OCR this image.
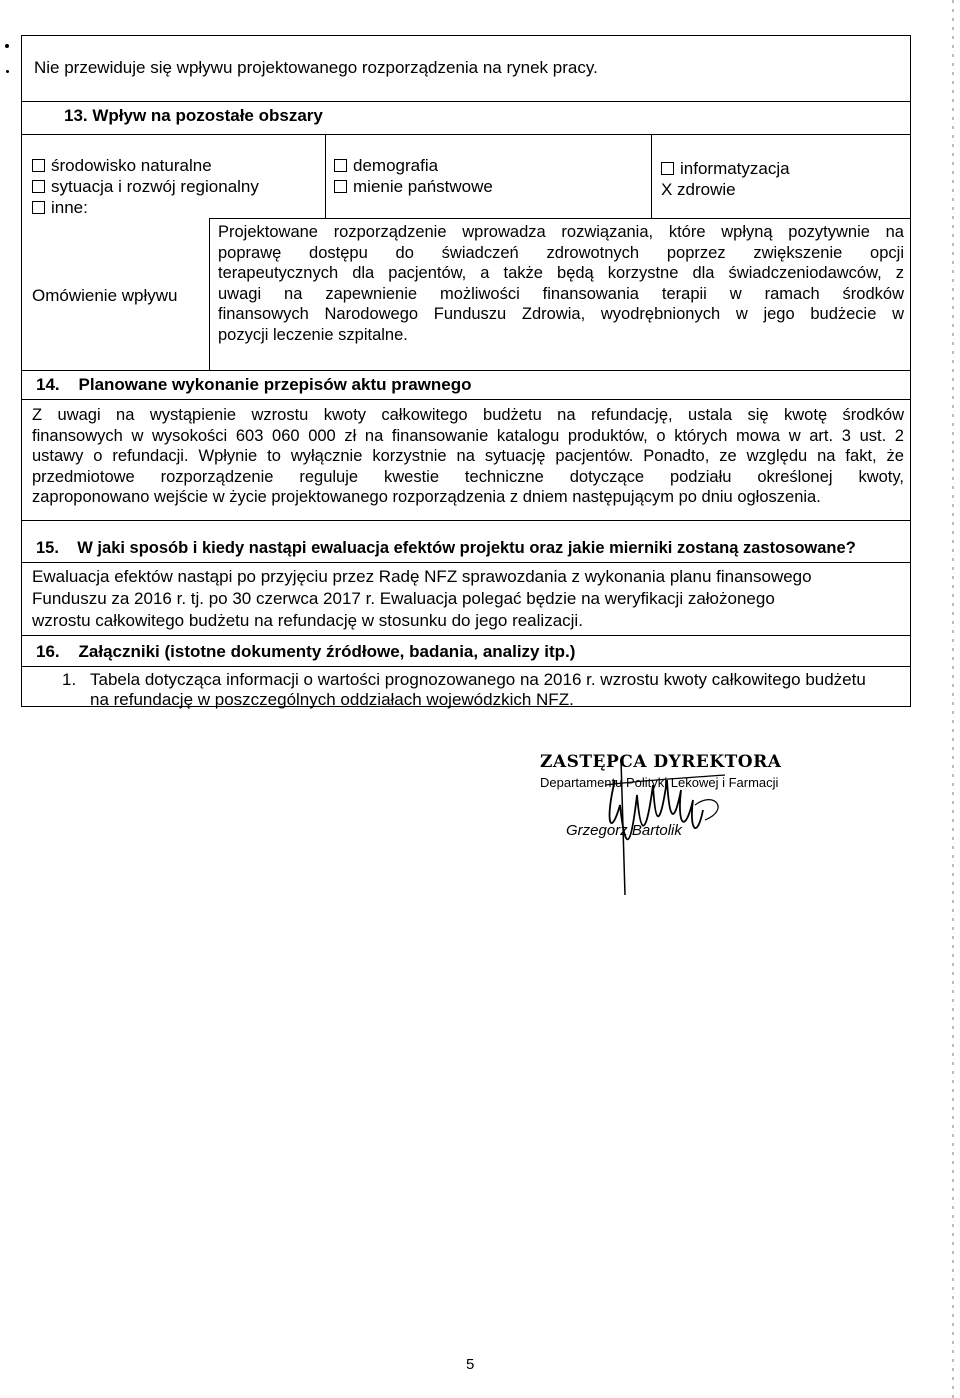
Nie przewiduje się wpływu projektowanego rozporządzenia na rynek pracy.
13. Wpływ na pozostałe obszary
środowisko naturalne
sytuacja i rozwój regionalny
inne:
demografia
mienie państwowe
informatyzacja
X zdrowie
Omówienie wpływu
Projektowane rozporządzenie wprowadza rozwiązania, które wpłyną pozytywnie na
poprawę dostępu do świadczeń zdrowotnych poprzez zwiększenie opcji
terapeutycznych dla pacjentów, a także będą korzystne dla świadczeniodawców, z
uwagi na zapewnienie możliwości finansowania terapii w ramach środków
finansowych Narodowego Funduszu Zdrowia, wyodrębnionych w jego budżecie w
pozycji leczenie szpitalne.
14.    Planowane wykonanie przepisów aktu prawnego
Z uwagi na wystąpienie wzrostu kwoty całkowitego budżetu na refundację, ustala się kwotę środków
finansowych w wysokości 603 060 000 zł na finansowanie katalogu produktów, o których mowa w art. 3 ust. 2
ustawy o refundacji. Wpłynie to wyłącznie korzystnie na sytuację pacjentów. Ponadto, ze względu na fakt, że
przedmiotowe rozporządzenie reguluje kwestie techniczne dotyczące podziału określonej kwoty,
zaproponowano wejście w życie projektowanego rozporządzenia z dniem następującym po dniu ogłoszenia.
15.    W jaki sposób i kiedy nastąpi ewaluacja efektów projektu oraz jakie mierniki zostaną zastosowane?
Ewaluacja efektów nastąpi po przyjęciu przez Radę NFZ sprawozdania z wykonania planu finansowego
Funduszu za 2016 r. tj. po 30 czerwca 2017 r. Ewaluacja polegać będzie na weryfikacji założonego
wzrostu całkowitego budżetu na refundację w stosunku do jego realizacji.
16.    Załączniki (istotne dokumenty źródłowe, badania, analizy itp.)
1. Tabela dotycząca informacji o wartości prognozowanego na 2016 r. wzrostu kwoty całkowitego budżetu
na refundację w poszczególnych oddziałach wojewódzkich NFZ.
ZASTĘPCA DYREKTORA
Departamentu Polityki Lekowej i Farmacji
Grzegorz Bartolik
5
